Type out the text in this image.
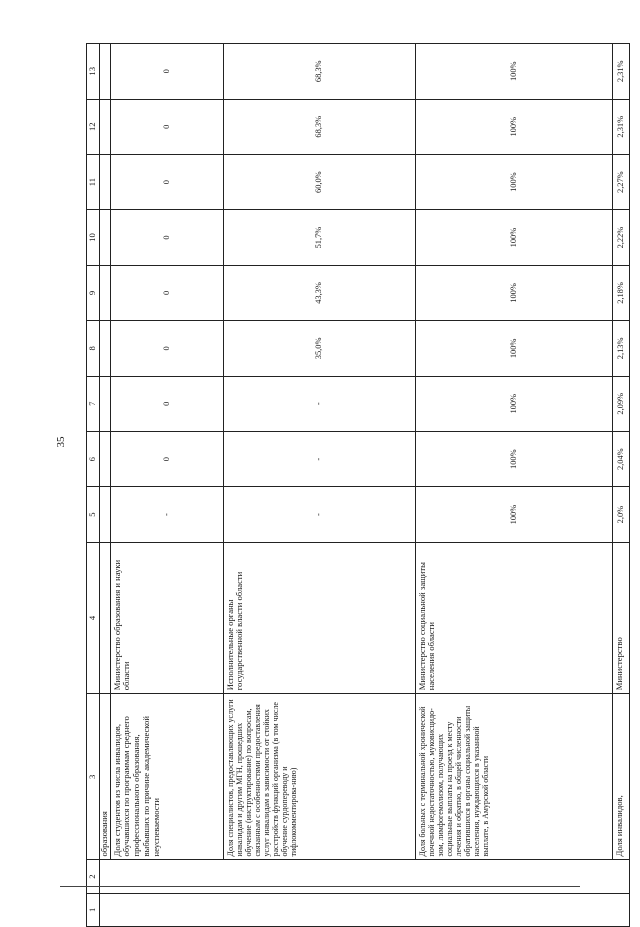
35
1	2	3	4	5	6	7	8	9	10	11	12	13
		образования										
		Доля студентов из числа инвалидов, обучавшихся по программам среднего профессионального образования, выбывших по причине академической неуспеваемости	Министерство образования и науки области	-	0	0	0	0	0	0	0	0
		Доля специалистов, предоставляющих услуги инвалидам и другим МГН, прошедших обучение (инструктирование) по вопросам, связанным с особенностями предоставления услуг инвалидам в зависимости от стойких расстройств функций организма (в том числе обучение сурдопереводу и тифлокомментирова-нию)	Исполнительные органы государственной власти области	-	-	-	35,0%	43,3%	51,7%	60,0%	68,3%	68,3%
		Доля больных с терминальной хронической почечной недостаточностью, муковисцидо-зом, лимфогемолизом, получающих социальные выплаты на проезд к месту лечения и обратно, в общей численности обратившихся в органы социальной защиты населения, нуждающихся в указанной выплате, в Амурской области	Министерство социальной защиты населения области	100%	100%	100%	100%	100%	100%	100%	100%	100%
		Доля инвалидов,	Министерство	2,0%	2,04%	2,09%	2,13%	2,18%	2,22%	2,27%	2,31%	2,31%
